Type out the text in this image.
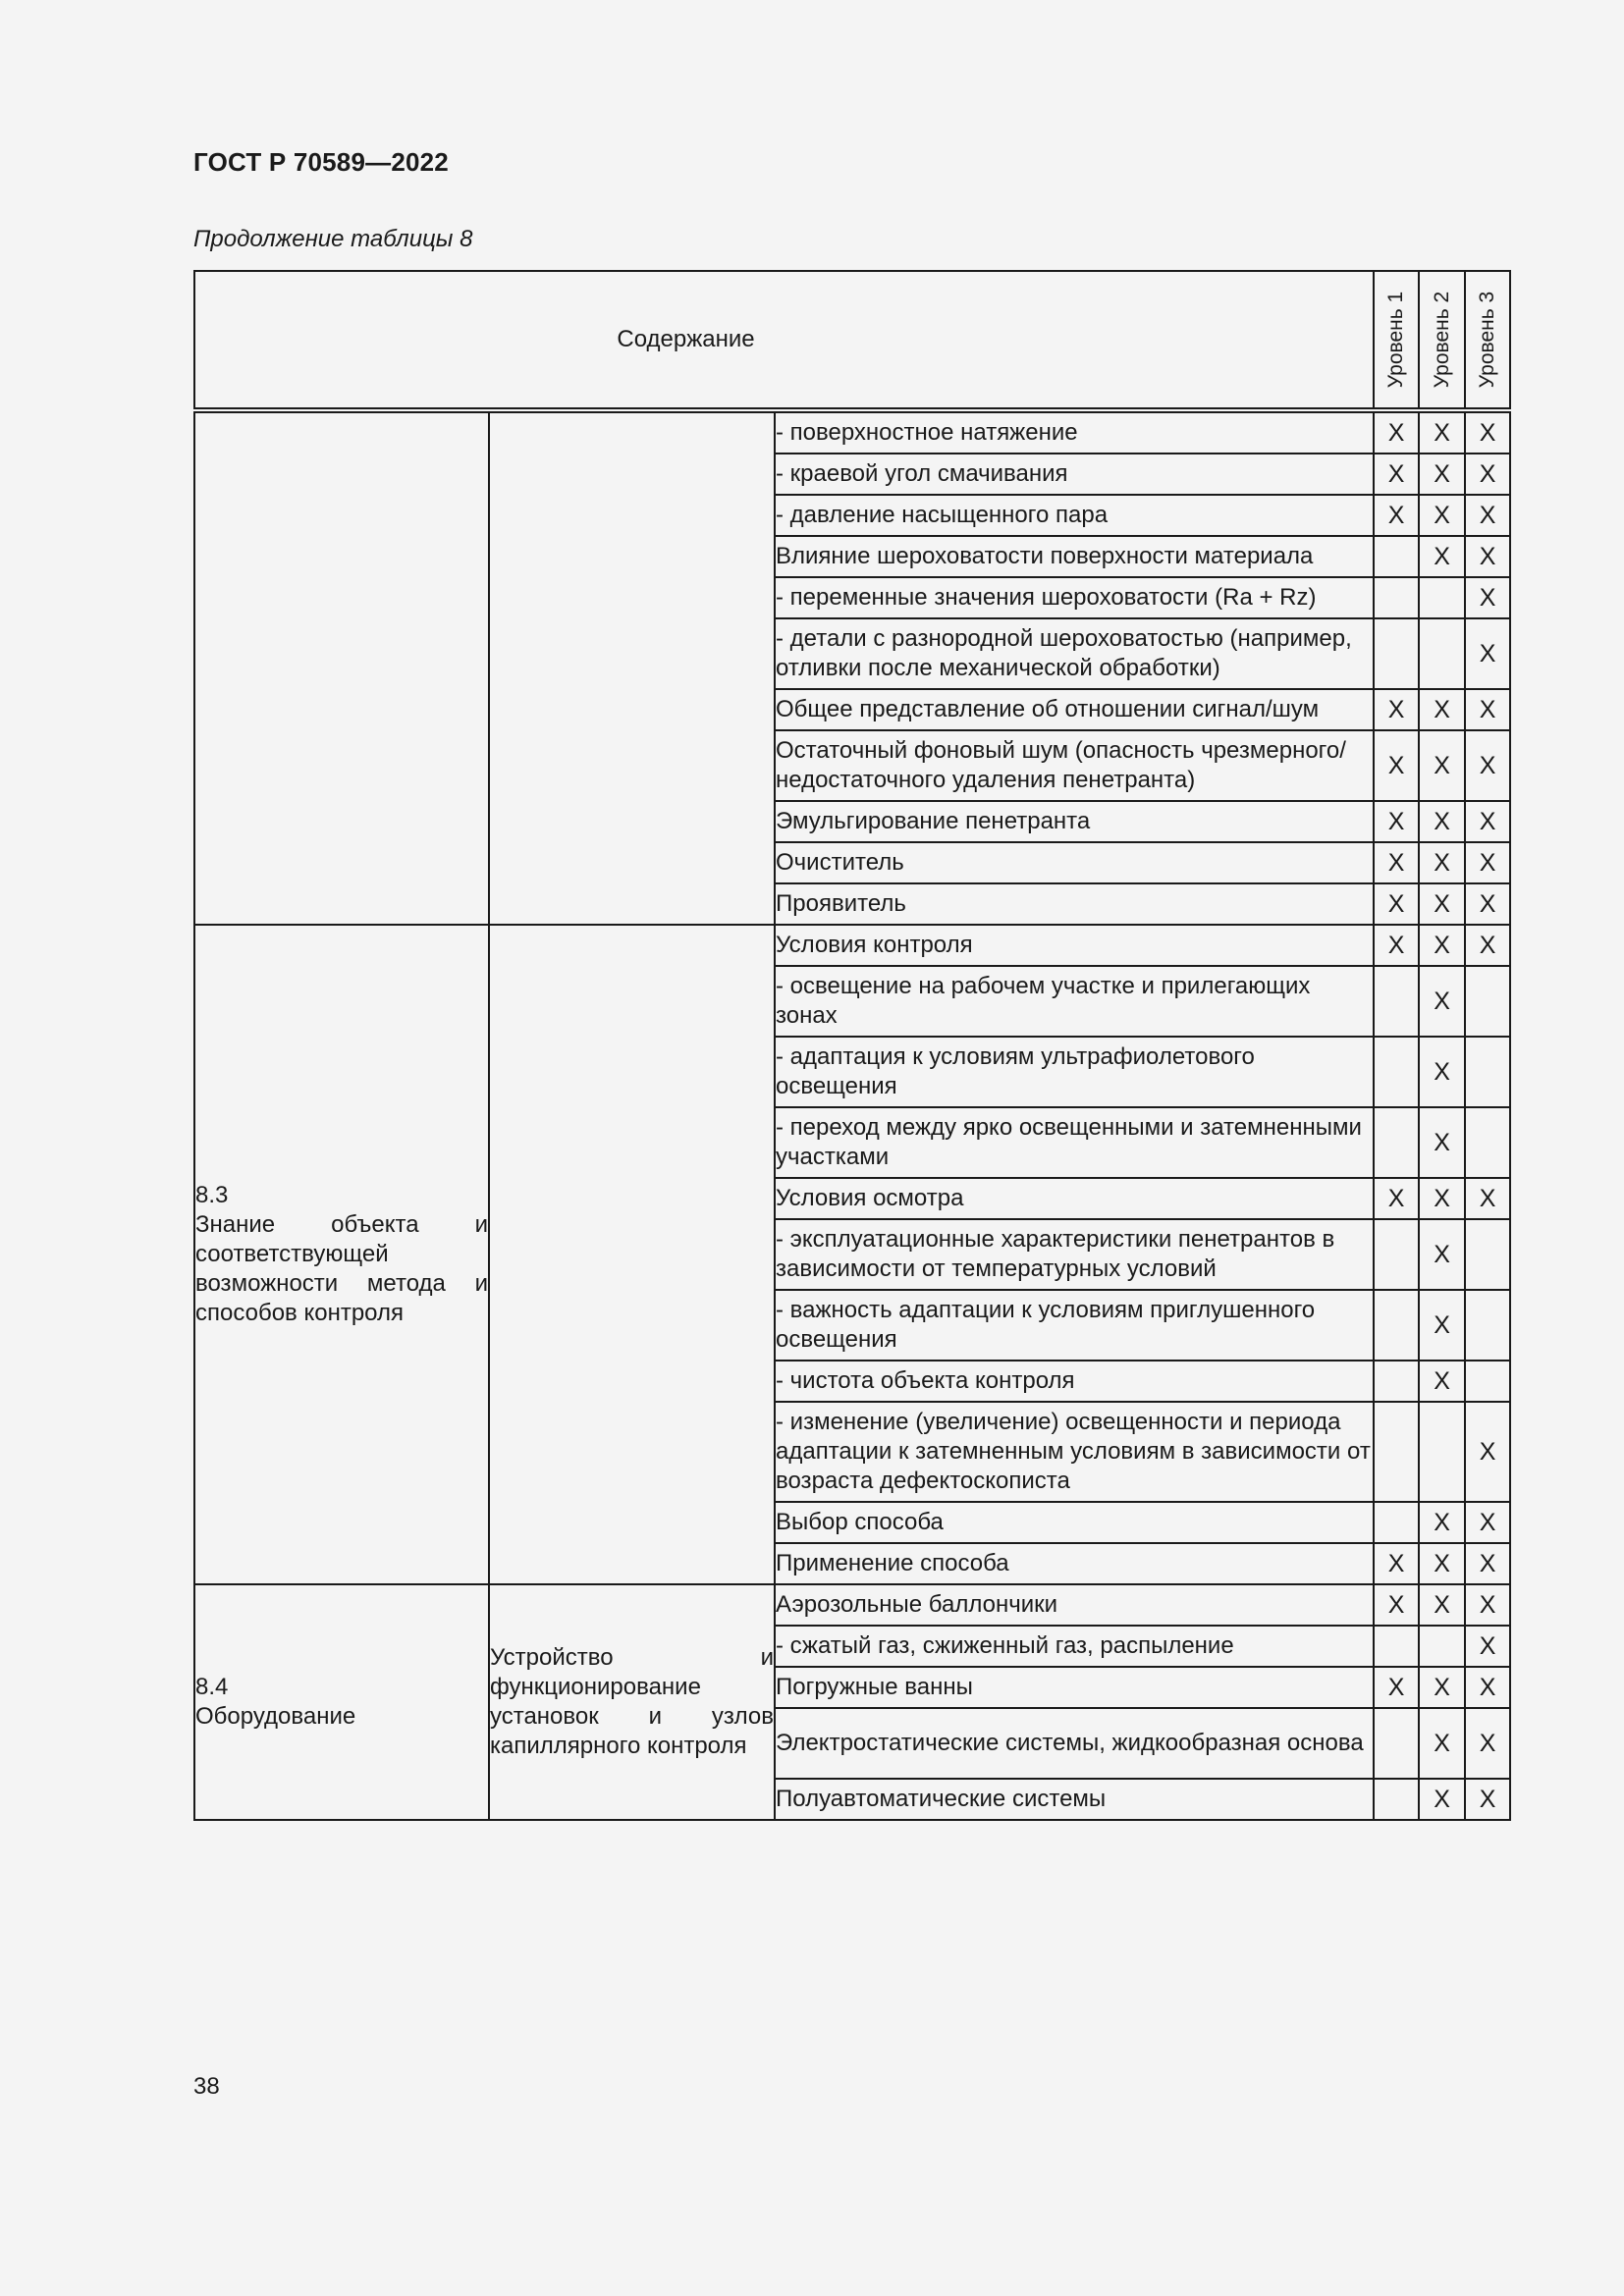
ГОСТ Р 70589—2022
Продолжение таблицы 8
Содержание			Уровень 1	Уровень 2	Уровень 3

		- поверхностное натяжение	X	X	X
		- краевой угол смачивания	X	X	X
		- давление насыщенного пара	X	X	X
		Влияние шероховатости поверхности материала		X	X
		- переменные значения шероховатости (Ra + Rz)			X
		- детали с разнородной шероховатостью (например, отливки после механической обработки)			X
		Общее представление об отношении сигнал/шум	X	X	X
		Остаточный фоновый шум (опасность чрезмерного/недостаточного удаления пенетранта)	X	X	X
		Эмульгирование пенетранта	X	X	X
		Очиститель	X	X	X
		Проявитель	X	X	X

8.3
Знание объекта и соответствующей возможности метода и способов контроля		Условия контроля	X	X	X
		- освещение на рабочем участке и прилегающих зонах		X	
		- адаптация к условиям ультрафиолетового освещения		X	
		- переход между ярко освещенными и затемненными участками		X	
		Условия осмотра	X	X	X
		- эксплуатационные характеристики пенетрантов в зависимости от температурных условий		X	
		- важность адаптации к условиям приглушенного освещения		X	
		- чистота объекта контроля		X	
		- изменение (увеличение) освещенности и периода адаптации к затемненным условиям в зависимости от возраста дефектоскописта			X
		Выбор способа		X	X
		Применение способа	X	X	X

8.4
Оборудование	Устройство и функционирование установок и узлов капиллярного контроля	Аэрозольные баллончики	X	X	X
		- сжатый газ, сжиженный газ, распыление			X
		Погружные ванны	X	X	X
		Электростатические системы, жидкообразная основа		X	X
		Полуавтоматические системы		X	X
38
